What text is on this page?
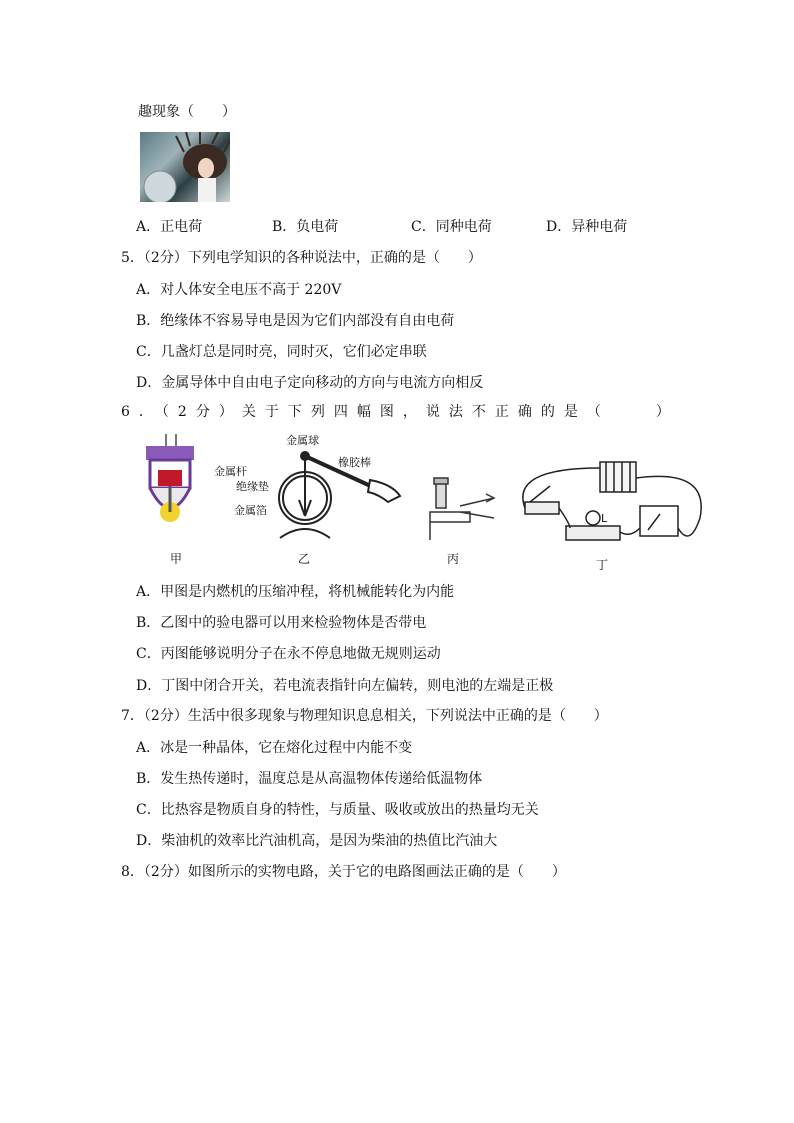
趣现象（　　）
A．正电荷	B．负电荷	C．同种电荷	D．异种电荷
5．（2分）下列电学知识的各种说法中，正确的是（　　）
A．对人体安全电压不高于 220V
B．绝缘体不容易导电是因为它们内部没有自由电荷
C．几盏灯总是同时亮，同时灭，它们必定串联
D．金属导体中自由电子定向移动的方向与电流方向相反
6．（2分）关于下列四幅图，说法不正确的是（　　）
甲	乙	丙	丁
金属球
橡胶棒
金属杆
绝缘垫
金属箔
L
A．甲图是内燃机的压缩冲程，将机械能转化为内能
B．乙图中的验电器可以用来检验物体是否带电
C．丙图能够说明分子在永不停息地做无规则运动
D．丁图中闭合开关，若电流表指针向左偏转，则电池的左端是正极
7．（2分）生活中很多现象与物理知识息息相关，下列说法中正确的是（　　）
A．冰是一种晶体，它在熔化过程中内能不变
B．发生热传递时，温度总是从高温物体传递给低温物体
C．比热容是物质自身的特性，与质量、吸收或放出的热量均无关
D．柴油机的效率比汽油机高，是因为柴油的热值比汽油大
8．（2分）如图所示的实物电路，关于它的电路图画法正确的是（　　）
